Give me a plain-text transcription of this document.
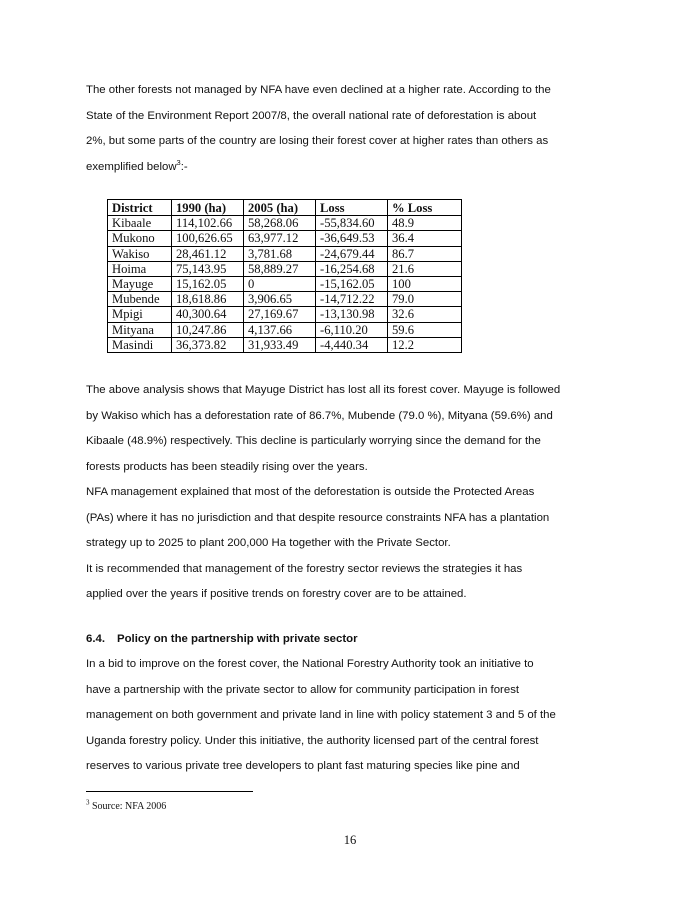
The other forests not managed by NFA have even declined at a higher rate. According to the

State of the Environment Report 2007/8, the overall national rate of deforestation is about

2%, but some parts of the country are losing their forest cover at higher rates than others as

exemplified below$^3$:-

District	1990 (ha)	2005 (ha)	Loss	% Loss
Kibaale	114,102.66	58,268.06	-55,834.60	48.9
Mukono	100,626.65	63,977.12	-36,649.53	36.4
Wakiso	28,461.12	3,781.68	-24,679.44	86.7
Hoima	75,143.95	58,889.27	-16,254.68	21.6
Mayuge	15,162.05	0	-15,162.05	100
Mubende	18,618.86	3,906.65	-14,712.22	79.0
Mpigi	40,300.64	27,169.67	-13,130.98	32.6
Mityana	10,247.86	4,137.66	-6,110.20	59.6
Masindi	36,373.82	31,933.49	-4,440.34	12.2

The above analysis shows that Mayuge District has lost all its forest cover. Mayuge is followed

by Wakiso which has a deforestation rate of 86.7%, Mubende (79.0 %), Mityana (59.6%) and

Kibaale (48.9%) respectively. This decline is particularly worrying since the demand for the

forests products has been steadily rising over the years.

NFA management explained that most of the deforestation is outside the Protected Areas

(PAs) where it has no jurisdiction and that despite resource constraints NFA has a plantation

strategy up to 2025 to plant 200,000 Ha together with the Private Sector.

It is recommended that management of the forestry sector reviews the strategies it has

applied over the years if positive trends on forestry cover are to be attained.

6.4. Policy on the partnership with private sector

In a bid to improve on the forest cover, the National Forestry Authority took an initiative to

have a partnership with the private sector to allow for community participation in forest

management on both government and private land in line with policy statement 3 and 5 of the

Uganda forestry policy. Under this initiative, the authority licensed part of the central forest

reserves to various private tree developers to plant fast maturing species like pine and

$^3$ Source: NFA 2006
16
